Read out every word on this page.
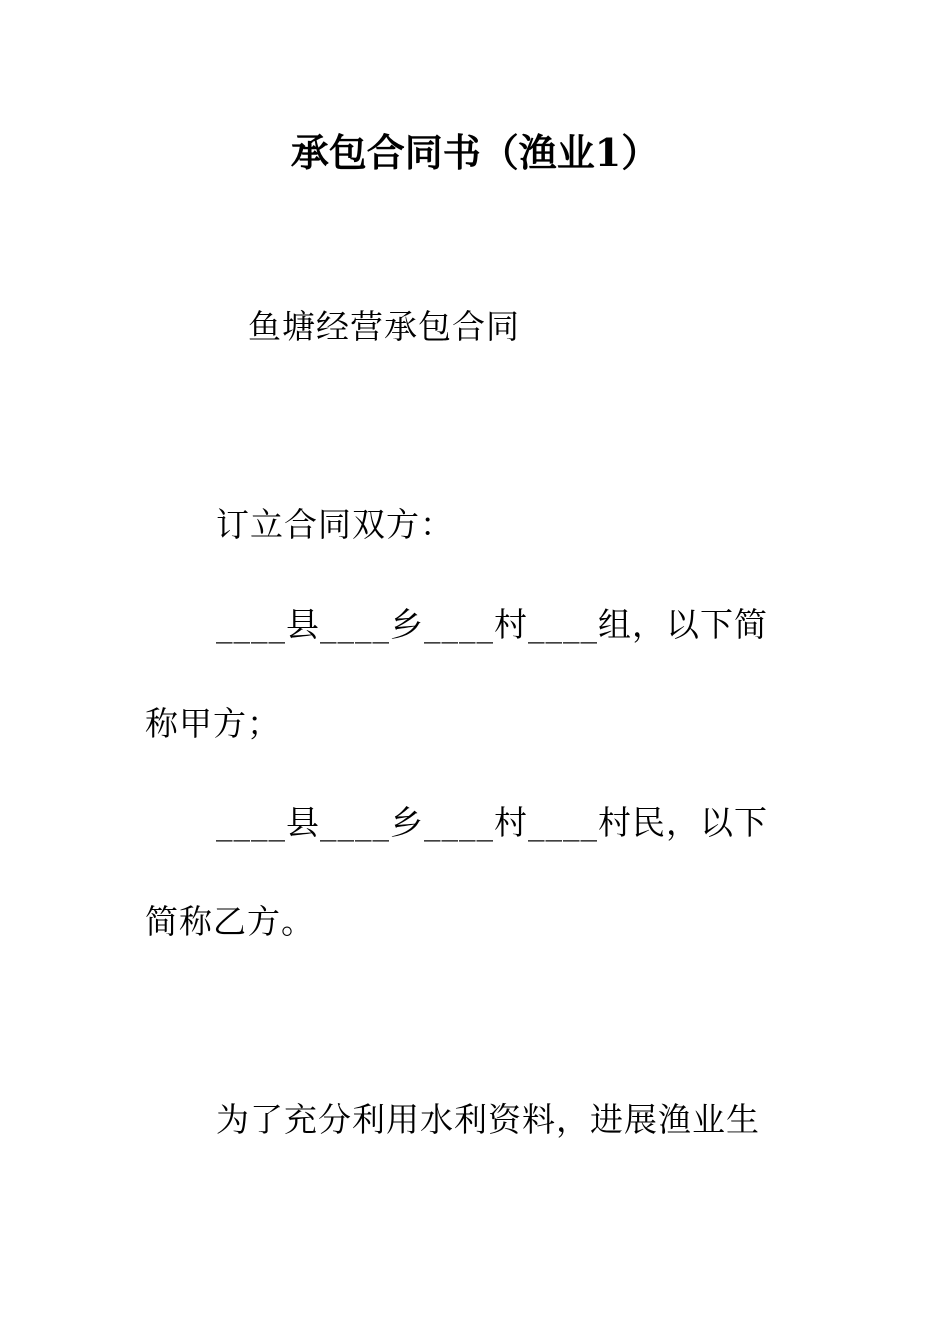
承包合同书（渔业1）
鱼塘经营承包合同
订立合同双方：
____县____乡____村____组，以下简
称甲方；
____县____乡____村____村民，以下
简称乙方。
为了充分利用水利资料，进展渔业生
